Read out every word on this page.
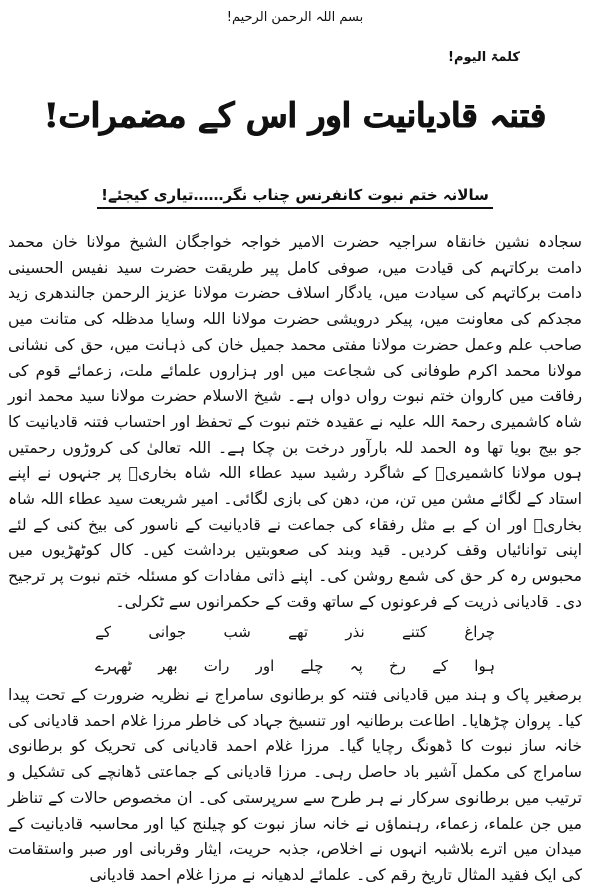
بسم اللہ الرحمن الرحیم!
کلمۃ الیوم!
فتنہ قادیانیت اور اس کے مضمرات!
سالانہ ختم نبوت کانفرنس چناب نگر……تیاری کیجئے!

سجادہ نشین خانقاہ سراجیہ حضرت الامیر خواجہ خواجگان الشیخ مولانا خان محمد دامت برکاتہم کی قیادت میں، صوفی کامل پیر طریقت حضرت سید نفیس الحسینی دامت برکاتہم کی سیادت میں، یادگار اسلاف حضرت مولانا عزیز الرحمن جالندھری زید مجدکم کی معاونت میں، پیکر درویشی حضرت مولانا اللہ وسایا مدظلہ کی متانت میں صاحب علم وعمل حضرت مولانا مفتی محمد جمیل خان کی ذہانت میں، حق کی نشانی مولانا محمد اکرم طوفانی کی شجاعت میں اور ہزاروں علمائے ملت، زعمائے قوم کی رفاقت میں کاروان ختم نبوت رواں دواں ہے۔ شیخ الاسلام حضرت مولانا سید محمد انور شاہ کاشمیری رحمۃ اللہ علیہ نے عقیدہ ختم نبوت کے تحفظ اور احتساب فتنہ قادیانیت کا جو بیج بویا تھا وہ الحمد للہ بارآور درخت بن چکا ہے۔ اللہ تعالیٰ کی کروڑوں رحمتیں ہوں مولانا کاشمیریؒ کے شاگرد رشید سید عطاء اللہ شاہ بخاریؒ پر جنہوں نے اپنے استاد کے لگائے مشن میں تن، من، دھن کی بازی لگائی۔ امیر شریعت سید عطاء اللہ شاہ بخاریؒ اور ان کے بے مثل رفقاء کی جماعت نے قادیانیت کے ناسور کی بیخ کنی کے لئے اپنی توانائیاں وقف کردیں۔ قید وبند کی صعوبتیں برداشت کیں۔ کال کوٹھڑیوں میں محبوس رہ کر حق کی شمع روشن کی۔ اپنے ذاتی مفادات کو مسئلہ ختم نبوت پر ترجیح دی۔ قادیانی ذریت کے فرعونوں کے ساتھ وقت کے حکمرانوں سے ٹکرلی۔

چراغ
کتنے
نذر
تھے
شب
جوانی
کے
ہوا
کے
رخ
پہ
چلے
اور
رات
بھر
ٹھہرے

برصغیر پاک و ہند میں قادیانی فتنہ کو برطانوی سامراج نے نظریہ ضرورت کے تحت پیدا کیا۔ پروان چڑھایا۔ اطاعت برطانیہ اور تنسیخ جہاد کی خاطر مرزا غلام احمد قادیانی کی خانہ ساز نبوت کا ڈھونگ رچایا گیا۔ مرزا غلام احمد قادیانی کی تحریک کو برطانوی سامراج کی مکمل آشیر باد حاصل رہی۔ مرزا قادیانی کے جماعتی ڈھانچے کی تشکیل و ترتیب میں برطانوی سرکار نے ہر طرح سے سرپرستی کی۔ ان مخصوص حالات کے تناظر میں جن علماء، زعماء، رہنماؤں نے خانہ ساز نبوت کو چیلنج کیا اور محاسبہ قادیانیت کے میدان میں اترے بلاشبہ انہوں نے اخلاص، جذبہ حریت، ایثار وقربانی اور صبر واستقامت کی ایک فقید المثال تاریخ رقم کی۔ علمائے لدھیانہ نے مرزا غلام احمد قادیانی
